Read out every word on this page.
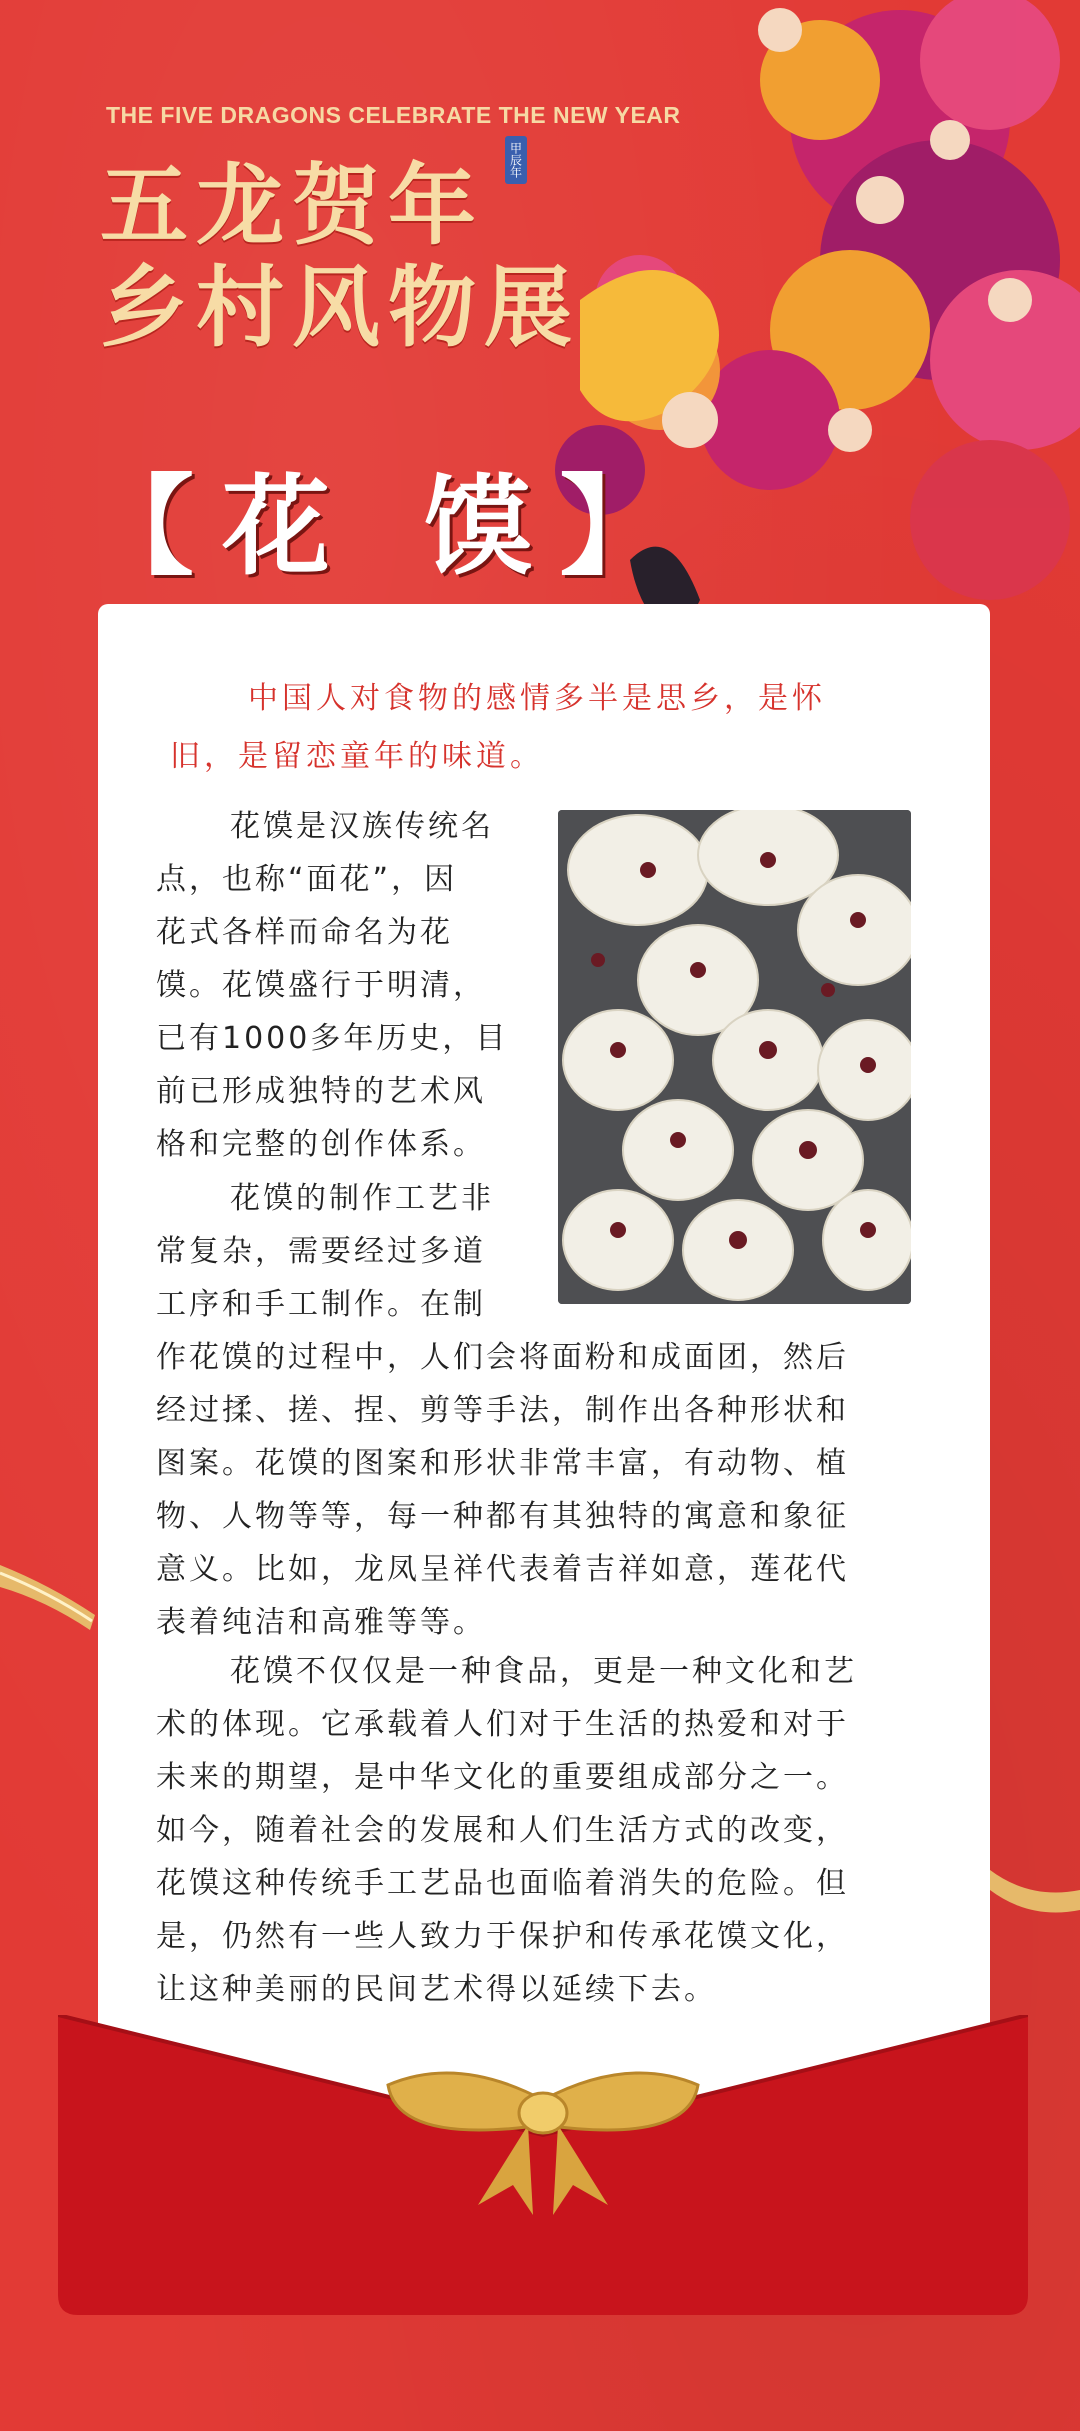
THE FIVE DRAGONS CELEBRATE THE NEW YEAR
五龙贺年
乡村风物展
甲辰年
【花 馍】
中国人对食物的感情多半是思乡，是怀
旧，是留恋童年的味道。
花馍是汉族传统名
点，也称“面花”，因
花式各样而命名为花
馍。花馍盛行于明清，
已有1000多年历史，目
前已形成独特的艺术风
格和完整的创作体系。
花馍的制作工艺非
常复杂，需要经过多道
工序和手工制作。在制
作花馍的过程中，人们会将面粉和成面团，然后
经过揉、搓、捏、剪等手法，制作出各种形状和
图案。花馍的图案和形状非常丰富，有动物、植
物、人物等等，每一种都有其独特的寓意和象征
意义。比如，龙凤呈祥代表着吉祥如意，莲花代
表着纯洁和高雅等等。
花馍不仅仅是一种食品，更是一种文化和艺
术的体现。它承载着人们对于生活的热爱和对于
未来的期望，是中华文化的重要组成部分之一。
如今，随着社会的发展和人们生活方式的改变，
花馍这种传统手工艺品也面临着消失的危险。但
是，仍然有一些人致力于保护和传承花馍文化，
让这种美丽的民间艺术得以延续下去。
